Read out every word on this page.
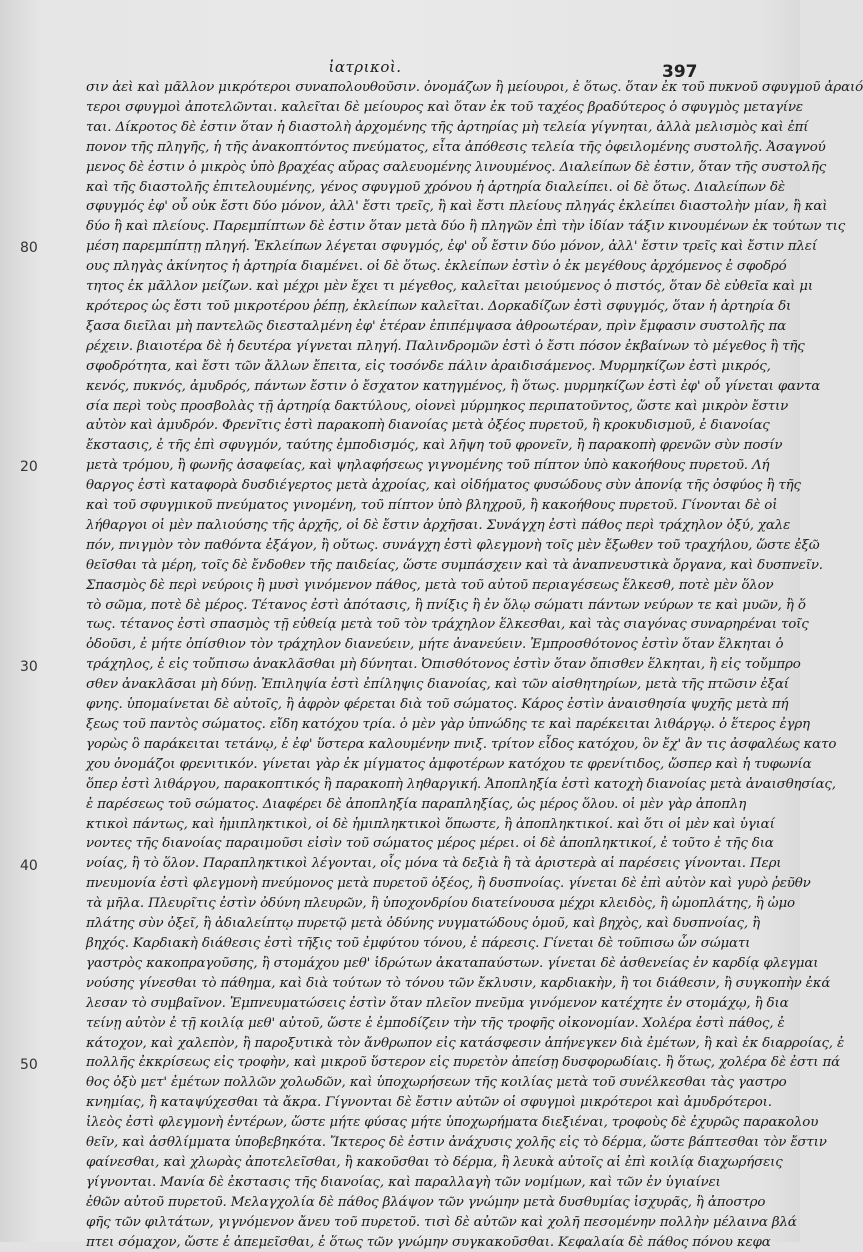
ἰατρικοὶ.	397
σιν ἀεὶ καὶ μᾶλλον μικρότεροι συναπολουθοῦσιν. ὀνομάζων ἢ μείουροι, ἐ ὅτως. ὅταν ἐκ τοῦ πυκνοῦ σφυγμοῦ ἀραιό
τεροι σφυγμοὶ ἀποτελῶνται. καλεῖται δὲ μείουρος καὶ ὅταν ἐκ τοῦ ταχέος βραδύτερος ὁ σφυγμὸς μεταγίνε
ται. Δίκροτος δὲ ἐστιν ὅταν ἡ διαστολὴ ἀρχομένης τῆς ἀρτηρίας μὴ τελεία γίγνηται, ἀλλὰ μελισμὸς καὶ ἐπί
πονον τῆς πληγῆς, ἡ τῆς ἀνακοπτόντος πνεύματος, εἶτα ἀπόθεσις τελεία τῆς ὀφειλομένης συστολῆς. Ἀσαγνού
μενος δὲ ἐστιν ὁ μικρὸς ὑπὸ βραχέας αὔρας σαλευομένης λινουμένος. Διαλείπων δὲ ἐστιν, ὅταν τῆς συστολῆς
καὶ τῆς διαστολῆς ἐπιτελουμένης, γένος σφυγμοῦ χρόνου ἡ ἀρτηρία διαλείπει. οἱ δὲ ὅτως. Διαλείπων δὲ
σφυγμός ἐφ' οὗ οὐκ ἔστι δύο μόνον, ἀλλ' ἔστι τρεῖς, ἢ καὶ ἔστι πλείους πληγάς ἐκλείπει διαστολὴν μίαν, ἢ καὶ
δύο ἢ καὶ πλείους. Παρεμπίπτων δὲ ἐστιν ὅταν μετὰ δύο ἢ πληγῶν ἐπὶ τὴν ἰδίαν τάξιν κινουμένων ἐκ τούτων τις
μέση παρεμπίπτῃ πληγή. Ἐκλείπων λέγεται σφυγμός, ἐφ' οὗ ἔστιν δύο μόνον, ἀλλ' ἔστιν τρεῖς καὶ ἔστιν πλεί
ους πληγὰς ἀκίνητος ἡ ἀρτηρία διαμένει. οἱ δὲ ὅτως. ἐκλείπων ἐστὶν ὁ ἐκ μεγέθους ἀρχόμενος ἐ σφοδρό
τητος ἐκ μᾶλλον μείζων. καὶ μέχρι μὲν ἔχει τι μέγεθος, καλεῖται μειούμενος ὁ πιστός, ὅταν δὲ εὐθεῖα καὶ μι
κρότερος ὡς ἔστι τοῦ μικροτέρου ῥέπῃ, ἐκλείπων καλεῖται. Δορκαδίζων ἐστὶ σφυγμός, ὅταν ἡ ἀρτηρία δι
ξασα διεῖλαι μὴ παντελῶς διεσταλμένη ἐφ' ἑτέραν ἐπιπέμψασα ἀθροωτέραν, πρὶν ἔμφασιν συστολῆς πα
ρέχειν. βιαιοτέρα δὲ ἡ δευτέρα γίγνεται πληγή. Παλινδρομῶν ἐστὶ ὁ ἔστι πόσον ἐκβαίνων τὸ μέγεθος ἢ τῆς
σφοδρότητα, καὶ ἔστι τῶν ἄλλων ἔπειτα, εἰς τοσόνδε πάλιν ἀραιδισάμενος. Μυρμηκίζων ἐστὶ μικρός,
κενός, πυκνός, ἀμυδρός, πάντων ἔστιν ὁ ἔσχατον κατηγμένος, ἢ ὅτως. μυρμηκίζων ἐστὶ ἐφ' οὗ γίνεται φαντα
σία περὶ τοὺς προσβολὰς τῇ ἀρτηρίᾳ δακτύλους, οἱονεὶ μύρμηκος περιπατοῦντος, ὥστε καὶ μικρὸν ἔστιν
αὐτὸν καὶ ἀμυδρόν. Φρενῖτις ἐστὶ παρακοπὴ διανοίας μετὰ ὀξέος πυρετοῦ, ἢ κροκυδισμοῦ, ἐ διανοίας
ἔκστασις, ἐ τῆς ἐπὶ σφυγμόν, ταύτης ἐμποδισμός, καὶ λῆψη τοῦ φρονεῖν, ἢ παρακοπὴ φρενῶν σὺν ποσίν
μετὰ τρόμου, ἢ φωνῆς ἀσαφείας, καὶ ψηλαφήσεως γιγνομένης τοῦ πίπτον ὑπὸ κακοήθους πυρετοῦ. Λή
θαργος ἐστὶ καταφορὰ δυσδιέγερτος μετὰ ἀχροίας, καὶ οἰδήματος φυσώδους σὺν ἀπονίᾳ τῆς ὀσφύος ἢ τῆς
καὶ τοῦ σφυγμικοῦ πνεύματος γινομένη, τοῦ πίπτον ὑπὸ βληχροῦ, ἢ κακοήθους πυρετοῦ. Γίνονται δὲ οἱ
λήθαργοι οἱ μὲν παλιούσης τῆς ἀρχῆς, οἱ δὲ ἔστιν ἀρχῆσαι. Συνάγχη ἐστὶ πάθος περὶ τράχηλον ὀξύ, χαλε
πόν, πνιγμὸν τὸν παθόντα ἐξάγον, ἢ οὕτως. συνάγχη ἐστὶ φλεγμονὴ τοῖς μὲν ἔξωθεν τοῦ τραχήλου, ὥστε ἐξῶ
θεῖσθαι τὰ μέρη, τοῖς δὲ ἔνδοθεν τῆς παιδείας, ὥστε συμπάσχειν καὶ τὰ ἀναπνευστικὰ ὄργανα, καὶ δυσπνεῖν.
Σπασμὸς δὲ περὶ νεύροις ἢ μυσὶ γινόμενον πάθος, μετὰ τοῦ αὐτοῦ περιαγέσεως ἕλκεσθ, ποτὲ μὲν ὅλον
τὸ σῶμα, ποτὲ δὲ μέρος. Τέτανος ἐστὶ ἀπότασις, ἢ πνίξις ἢ ἐν ὅλῳ σώματι πάντων νεύρων τε καὶ μυῶν, ἢ ὅ
τως. τέτανος ἐστὶ σπασμὸς τῇ εὐθείᾳ μετὰ τοῦ τὸν τράχηλον ἕλκεσθαι, καὶ τὰς σιαγόνας συναρηρέναι τοῖς
ὀδοῦσι, ἐ μήτε ὀπίσθιον τὸν τράχηλον διανεύειν, μήτε ἀνανεύειν. Ἐμπροσθότονος ἐστὶν ὅταν ἕλκηται ὁ
τράχηλος, ἐ εἰς τοὔπισω ἀνακλᾶσθαι μὴ δύνηται. Ὀπισθότονος ἐστὶν ὅταν ὄπισθεν ἕλκηται, ἢ εἰς τοὔμπρο
σθεν ἀνακλᾶσαι μὴ δύνῃ. Ἐπιληψία ἐστὶ ἐπίληψις διανοίας, καὶ τῶν αἰσθητηρίων, μετὰ τῆς πτῶσιν ἐξαί
φνης. ὑπομαίνεται δὲ αὐτοῖς, ἢ ἀφρὸν φέρεται διὰ τοῦ σώματος. Κάρος ἐστὶν ἀναισθησία ψυχῆς μετὰ πή
ξεως τοῦ παντὸς σώματος. εἴδη κατόχου τρία. ὁ μὲν γὰρ ὑπνώδης τε καὶ παρέκειται λιθάργῳ. ὁ ἕτερος ἐγρη
γορὼς ὃ παράκειται τετάνῳ, ἐ ἐφ' ὕστερα καλουμένην πνιξ. τρίτον εἶδος κατόχου, ὃν ἔχ' ἂν τις ἀσφαλέως κατο
χου ὀνομάζοι φρενιτικόν. γίνεται γὰρ ἐκ μίγματος ἀμφοτέρων κατόχου τε φρενίτιδος, ὥσπερ καὶ ἡ τυφωνία
ὅπερ ἐστὶ λιθάργου, παρακοπτικός ἢ παρακοπὴ ληθαργική. Ἀποπληξία ἐστὶ κατοχὴ διανοίας μετὰ ἀναισθησίας,
ἐ παρέσεως τοῦ σώματος. Διαφέρει δὲ ἀποπληξία παραπληξίας, ὡς μέρος ὅλου. οἱ μὲν γὰρ ἀποπλη
κτικοὶ πάντως, καὶ ἡμιπληκτικοὶ, οἱ δὲ ἡμιπληκτικοὶ ὅπωστε, ἢ ἀποπληκτικοί. καὶ ὅτι οἱ μὲν καὶ ὑγιαί
νοντες τῆς διανοίας παραιμοῦσι εἰσὶν τοῦ σώματος μέρος μέρει. οἱ δὲ ἀποπληκτικοί, ἐ τοῦτο ἐ τῆς δια
νοίας, ἢ τὸ ὅλον. Παραπληκτικοὶ λέγονται, οἷς μόνα τὰ δεξιὰ ἢ τὰ ἀριστερὰ αἱ παρέσεις γίνονται. Περι
πνευμονία ἐστὶ φλεγμονὴ πνεύμονος μετὰ πυρετοῦ ὀξέος, ἢ δυσπνοίας. γίνεται δὲ ἐπὶ αὐτὸν καὶ γυρὸ ῥεῦθν
τὰ μῆλα. Πλευρῖτις ἐστὶν ὀδύνη πλευρῶν, ἢ ὑποχονδρίου διατείνουσα μέχρι κλειδὸς, ἢ ὠμοπλάτης, ἢ ὠμο
πλάτης σὺν ὀξεῖ, ἢ ἀδιαλείπτῳ πυρετῷ μετὰ ὀδύνης νυγματώδους ὁμοῦ, καὶ βηχὸς, καὶ δυσπνοίας, ἢ
βηχός. Καρδιακὴ διάθεσις ἐστὶ τῆξις τοῦ ἐμφύτου τόνου, ἐ πάρεσις. Γίνεται δὲ τοῦπισω ὧν σώματι
γαστρὸς κακοπραγοῦσης, ἢ στομάχου μεθ' ἱδρώτων ἀκαταπαύστων. γίνεται δὲ ἀσθενείας ἐν καρδίᾳ φλεγμαι
νούσης γίνεσθαι τὸ πάθημα, καὶ διὰ τούτων τὸ τόνου τῶν ἔκλυσιν, καρδιακὴν, ἢ τοι διάθεσιν, ἢ συγκοπὴν ἐκά
λεσαν τὸ συμβαῖνον. Ἐμπνευματώσεις ἐστὶν ὅταν πλεῖον πνεῦμα γινόμενον κατέχητε ἐν στομάχῳ, ἢ δια
τείνῃ αὐτὸν ἐ τῇ κοιλίᾳ μεθ' αὐτοῦ, ὥστε ἐ ἐμποδίζειν τὴν τῆς τροφῆς οἰκονομίαν. Χολέρα ἐστὶ πάθος, ἐ
κάτοχον, καὶ χαλεπὸν, ἢ παροξυτικὰ τὸν ἄνθρωπον εἰς κατάσφεσιν ἀπήνεγκεν διὰ ἐμέτων, ἢ καὶ ἐκ διαρροίας, ἐ
πολλῆς ἐκκρίσεως εἰς τροφὴν, καὶ μικροῦ ὕστερον εἰς πυρετὸν ἀπείσῃ δυσφορωδίαις. ἢ ὅτως, χολέρα δὲ ἐστι πά
θος ὀξὺ μετ' ἐμέτων πολλῶν χολωδῶν, καὶ ὑποχωρήσεων τῆς κοιλίας μετὰ τοῦ συνέλκεσθαι τὰς γαστρο
κνημίας, ἢ καταψύχεσθαι τὰ ἄκρα. Γίγνονται δὲ ἔστιν αὐτῶν οἱ σφυγμοὶ μικρότεροι καὶ ἀμυδρότεροι.
ἰλεὸς ἐστὶ φλεγμονὴ ἐντέρων, ὥστε μήτε φύσας μήτε ὑποχωρήματα διεξιέναι, τροφοὺς δὲ ἐχυρῶς παρακολου
θεῖν, καὶ ἀσθλίμματα ὑποβεβηκότα. Ἴκτερος δὲ ἐστιν ἀνάχυσις χολῆς εἰς τὸ δέρμα, ὥστε βάπτεσθαι τὸν ἔστιν
φαίνεσθαι, καὶ χλωρὰς ἀποτελεῖσθαι, ἢ κακοῦσθαι τὸ δέρμα, ἢ λευκὰ αὐτοῖς αἱ ἐπὶ κοιλίᾳ διαχωρήσεις
γίγνονται. Μανία δὲ ἐκστασις τῆς διανοίας, καὶ παραλλαγὴ τῶν νομίμων, καὶ τῶν ἐν ὑγιαίνει
ἐθῶν αὐτοῦ πυρετοῦ. Μελαγχολία δὲ πάθος βλάψον τῶν γνώμην μετὰ δυσθυμίας ἰσχυρᾶς, ἢ ἀποστρο
φῆς τῶν φιλτάτων, γιγνόμενον ἄνευ τοῦ πυρετοῦ. τισὶ δὲ αὐτῶν καὶ χολῆ πεσομένην πολλὴν μέλαινα βλά
πτει σόμαχον, ὥστε ἐ ἀπεμεῖσθαι, ἐ ὅτως τῶν γνώμην συγκακοῦσθαι. Κεφαλαία δὲ πάθος πόνου κεφα
80
20
30
40
50
